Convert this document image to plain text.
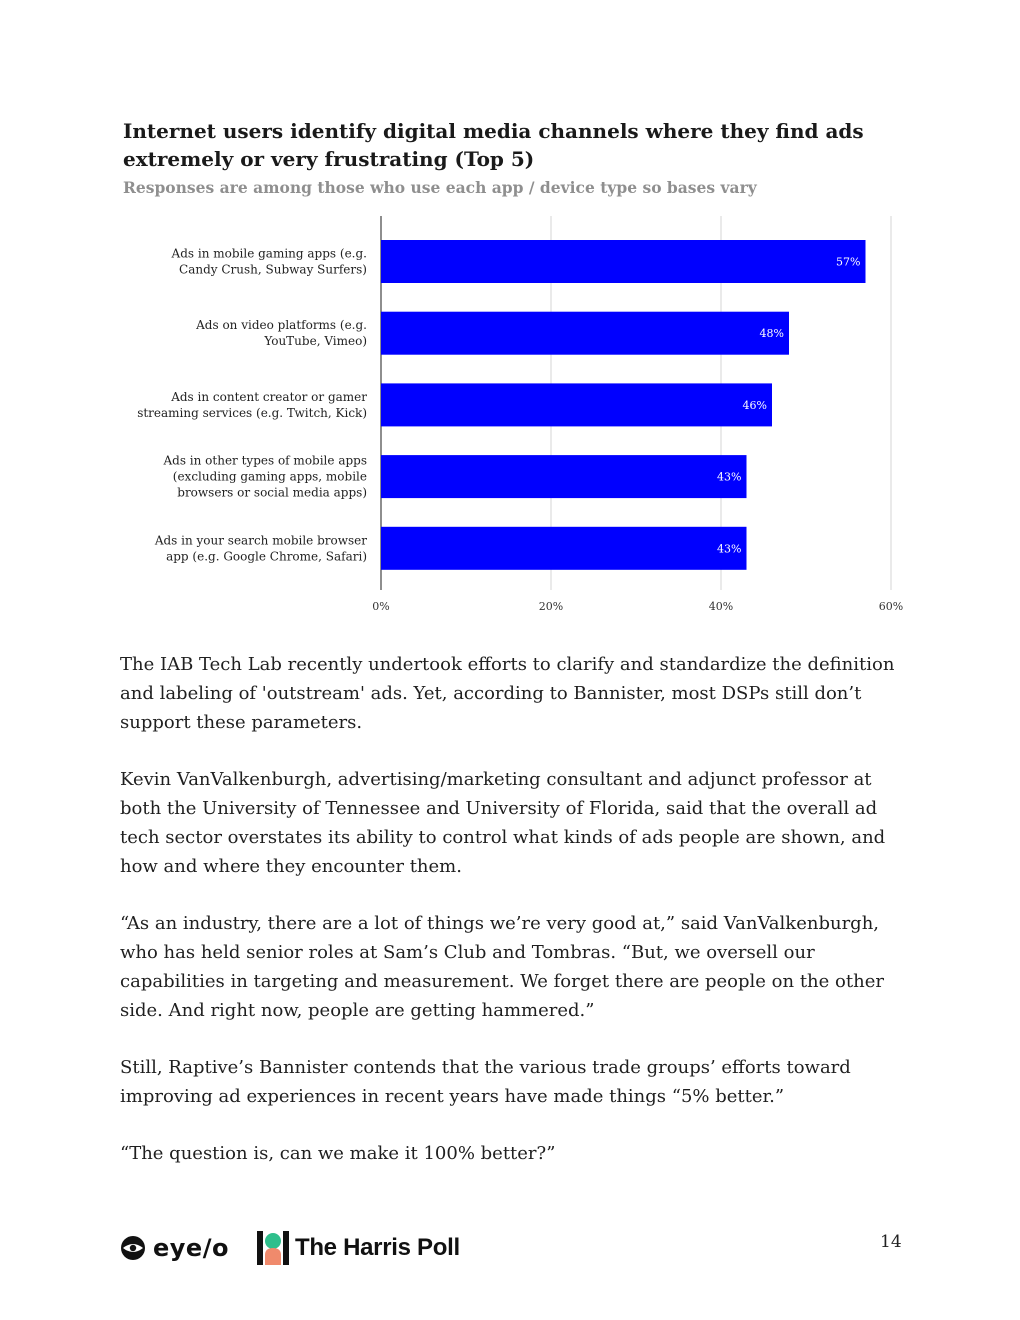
Internet users identify digital media channels where they find ads extremely or very frustrating (Top 5)
Responses are among those who use each app / device type so bases vary
57%
48%
46%
43%
43%
Ads in mobile gaming apps (e.g. Candy Crush, Subway Surfers)
Ads on video platforms (e.g. YouTube, Vimeo)
Ads in content creator or gamer streaming services (e.g. Twitch, Kick)
Ads in other types of mobile apps (excluding gaming apps, mobile browsers or social media apps)
Ads in your search mobile browser app (e.g. Google Chrome, Safari)
0%	20%	40%	60%

The IAB Tech Lab recently undertook efforts to clarify and standardize the definition and labeling of 'outstream' ads. Yet, according to Bannister, most DSPs still don’t support these parameters.

Kevin VanValkenburgh, advertising/marketing consultant and adjunct professor at both the University of Tennessee and University of Florida, said that the overall ad tech sector overstates its ability to control what kinds of ads people are shown, and how and where they encounter them.

“As an industry, there are a lot of things we’re very good at,” said VanValkenburgh, who has held senior roles at Sam’s Club and Tombras. “But, we oversell our capabilities in targeting and measurement. We forget there are people on the other side. And right now, people are getting hammered.”

Still, Raptive’s Bannister contends that the various trade groups’ efforts toward improving ad experiences in recent years have made things “5% better.”

“The question is, can we make it 100% better?”

eye/o	The Harris Poll	14
